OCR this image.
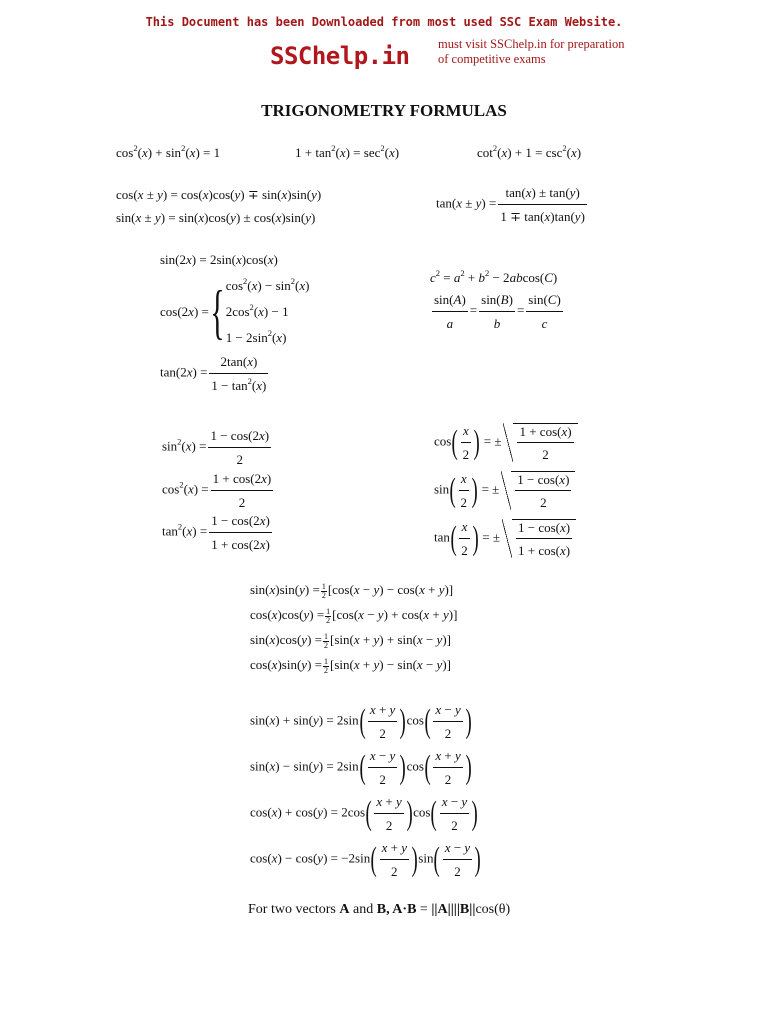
This Document has been Downloaded from most used SSC Exam Website.
SSChelp.in must visit SSChelp.in for preparation
of competitive exams
TRIGONOMETRY FORMULAS
$\cos^2(x) + \sin^2(x) = 1$	$1 + \tan^2(x) = \sec^2(x)$	$\cot^2(x) + 1 = \csc^2(x)$
cos(x ± y) = cos(x)cos(y) ∓ sin(x)sin(y)
sin(x ± y) = sin(x)cos(y) ± cos(x)sin(y)
$\tan(x \pm y) = \frac{\tan(x) \pm \tan(y)}{1 \mp \tan(x)\tan(y)}$
sin(2x) = 2sin(x)cos(x)
cos(2x) ={ $\cos^2(x) - \sin^2(x)$
$2\cos^2(x) - 1$
$1 - 2\sin^2(x)$
$\tan(2x) = \frac{2\tan(x)}{1 - \tan^2(x)}$
$c^2 = a^2 + b^2 - 2abcos(C)$
$\frac{\sin(A)}{a} = \frac{\sin(B)}{b} = \frac{\sin(C)}{c}$
$\sin^2(x) = \frac{1 - \cos(2x)}{2}$
$\cos^2(x) = \frac{1 + \cos(2x)}{2}$
$\tan^2(x) = \frac{1 - \cos(2x)}{1 + \cos(2x)}$
$\cos( \frac{x}{2}$ ) = ± $\frac{1 + \cos(x)}{2}$
$\sin( \frac{x}{2}$ ) = ± $\frac{1 - \cos(x)}{2}$
$\tan( \frac{x}{2}$ ) = ± $\frac{1 - \cos(x)}{1 + \cos(x)}$
$\sin(x)\sin(y) = \frac{1}{2} [\cos(x - y) - \cos(x + y)]$
$\cos(x)\cos(y) = \frac{1}{2} [\cos(x - y) + \cos(x + y)]$
$\sin(x)\cos(y) = \frac{1}{2} [\sin(x + y) + \sin(x - y)]$
$\cos(x)\sin(y) = \frac{1}{2} [\sin(x + y) - \sin(x - y)]$
$\sin(x) + \sin(y) = 2\sin( \frac{x + y}{2} )\cos( \frac{x - y}{2}$ )
$\sin(x) - \sin(y) = 2\sin( \frac{x - y}{2} )\cos( \frac{x + y}{2}$ )
$\cos(x) + \cos(y) = 2\cos( \frac{x + y}{2} )\cos( \frac{x - y}{2}$ )
$\cos(x) - \cos(y) = -2\sin( \frac{x + y}{2} )\sin( \frac{x - y}{2}$ )
For two vectors A and B, A·B = ||A||||B||cos(θ)
